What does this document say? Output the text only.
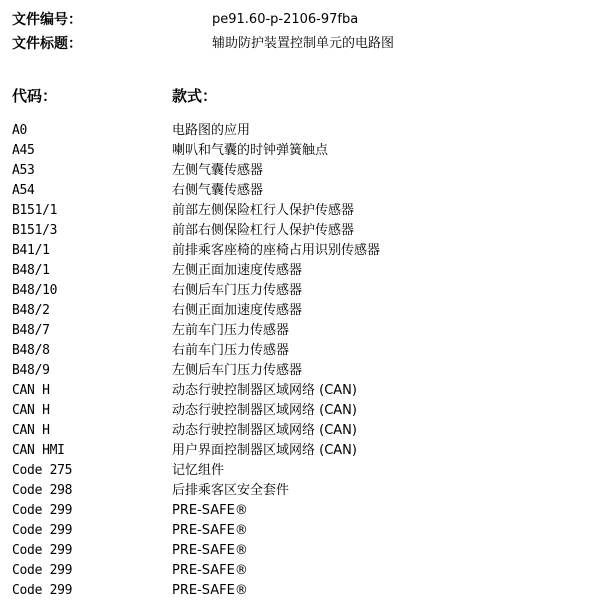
文件编号：	pe91.60-p-2106-97fba
文件标题：	辅助防护装置控制单元的电路图
代码：	款式：
A0	电路图的应用
A45	喇叭和气囊的时钟弹簧触点
A53	左侧气囊传感器
A54	右侧气囊传感器
B151/1	前部左侧保险杠行人保护传感器
B151/3	前部右侧保险杠行人保护传感器
B41/1	前排乘客座椅的座椅占用识别传感器
B48/1	左侧正面加速度传感器
B48/10	右侧后车门压力传感器
B48/2	右侧正面加速度传感器
B48/7	左前车门压力传感器
B48/8	右前车门压力传感器
B48/9	左侧后车门压力传感器
CAN H	动态行驶控制器区域网络 (CAN)
CAN H	动态行驶控制器区域网络 (CAN)
CAN H	动态行驶控制器区域网络 (CAN)
CAN HMI	用户界面控制器区域网络 (CAN)
Code 275	记忆组件
Code 298	后排乘客区安全套件
Code 299	PRE-SAFE®
Code 299	PRE-SAFE®
Code 299	PRE-SAFE®
Code 299	PRE-SAFE®
Code 299	PRE-SAFE®
